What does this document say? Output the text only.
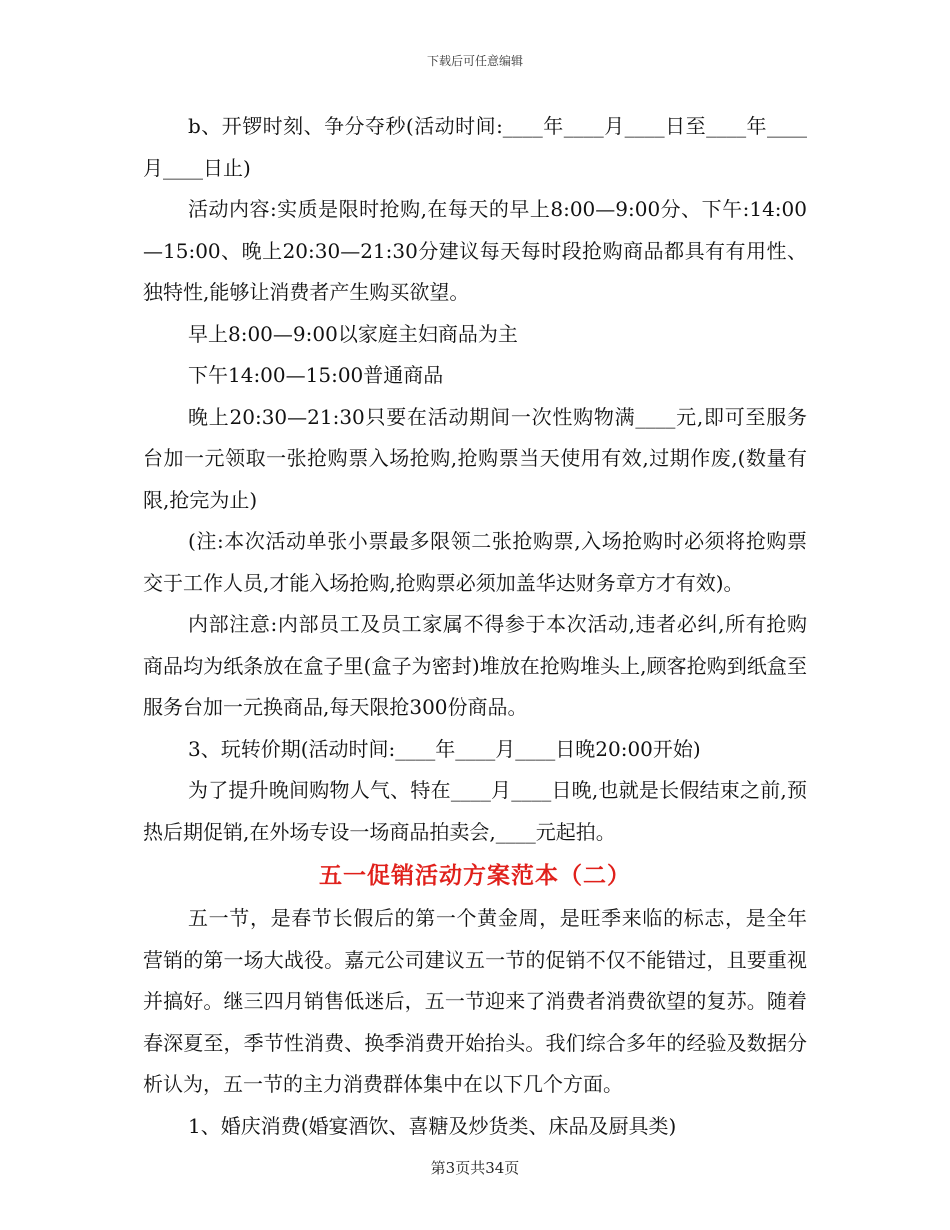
下载后可任意编辑

b、开锣时刻、争分夺秒(活动时间:____年____月____日至____年____月____日止)

活动内容:实质是限时抢购,在每天的早上8:00—9:00分、下午:14:00—15:00、晚上20:30—21:30分建议每天每时段抢购商品都具有有用性、独特性,能够让消费者产生购买欲望。

早上8:00—9:00以家庭主妇商品为主

下午14:00—15:00普通商品

晚上20:30—21:30只要在活动期间一次性购物满____元,即可至服务台加一元领取一张抢购票入场抢购,抢购票当天使用有效,过期作废,(数量有限,抢完为止)

(注:本次活动单张小票最多限领二张抢购票,入场抢购时必须将抢购票交于工作人员,才能入场抢购,抢购票必须加盖华达财务章方才有效)。

内部注意:内部员工及员工家属不得参于本次活动,违者必纠,所有抢购商品均为纸条放在盒子里(盒子为密封)堆放在抢购堆头上,顾客抢购到纸盒至服务台加一元换商品,每天限抢300份商品。

3、玩转价期(活动时间:____年____月____日晚20:00开始)

为了提升晚间购物人气、特在____月____日晚,也就是长假结束之前,预热后期促销,在外场专设一场商品拍卖会,____元起拍。

五一促销活动方案范本（二）

五一节，是春节长假后的第一个黄金周，是旺季来临的标志，是全年营销的第一场大战役。嘉元公司建议五一节的促销不仅不能错过，且要重视并搞好。继三四月销售低迷后，五一节迎来了消费者消费欲望的复苏。随着春深夏至，季节性消费、换季消费开始抬头。我们综合多年的经验及数据分析认为，五一节的主力消费群体集中在以下几个方面。

1、婚庆消费(婚宴酒饮、喜糖及炒货类、床品及厨具类)

第3页共34页
